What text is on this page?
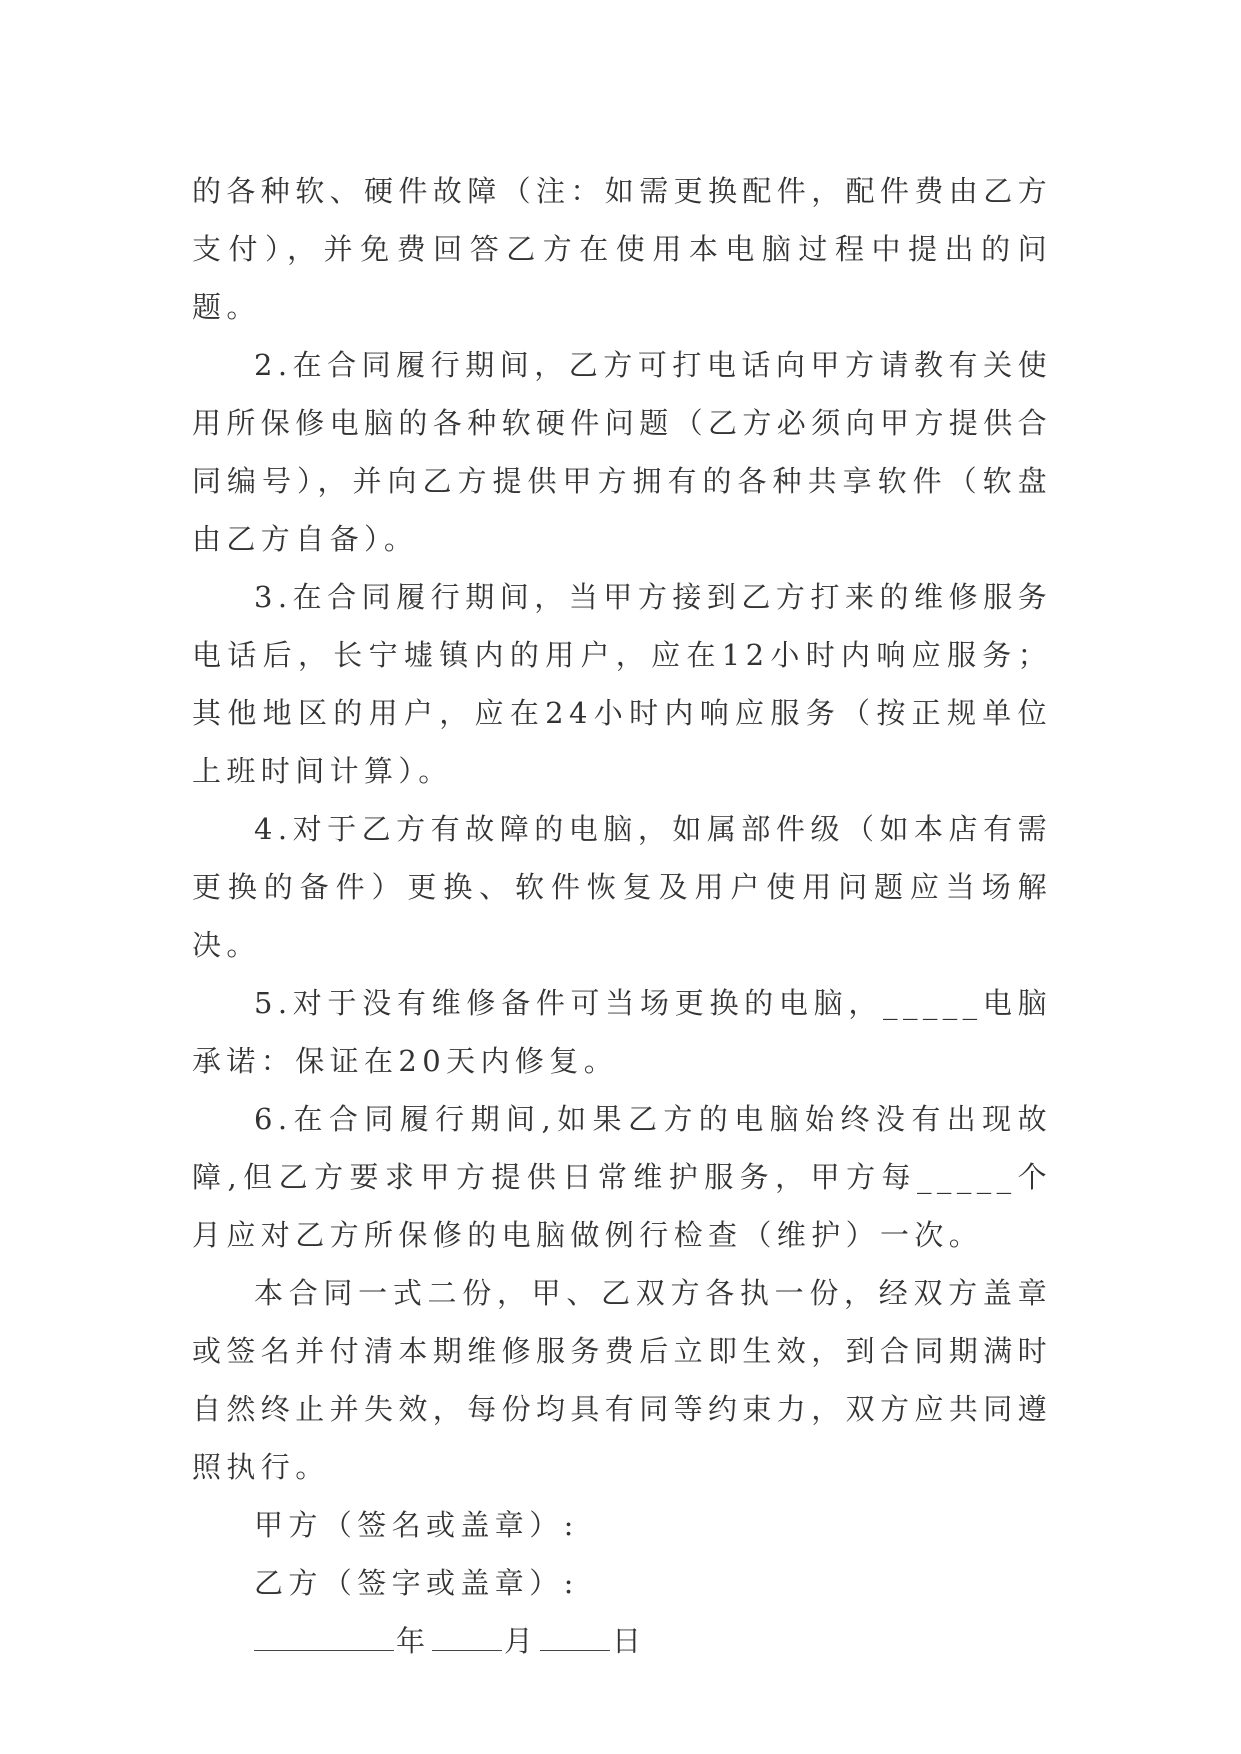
的各种软、硬件故障（注：如需更换配件，配件费由乙方支付），并免费回答乙方在使用本电脑过程中提出的问题。

2.在合同履行期间，乙方可打电话向甲方请教有关使用所保修电脑的各种软硬件问题（乙方必须向甲方提供合同编号），并向乙方提供甲方拥有的各种共享软件（软盘由乙方自备）。

3.在合同履行期间，当甲方接到乙方打来的维修服务电话后，长宁墟镇内的用户，应在12小时内响应服务；其他地区的用户，应在24小时内响应服务（按正规单位上班时间计算）。

4.对于乙方有故障的电脑，如属部件级（如本店有需更换的备件）更换、软件恢复及用户使用问题应当场解决。

5.对于没有维修备件可当场更换的电脑，_____电脑承诺：保证在20天内修复。

6.在合同履行期间,如果乙方的电脑始终没有出现故障,但乙方要求甲方提供日常维护服务，甲方每_____个月应对乙方所保修的电脑做例行检查（维护）一次。

本合同一式二份，甲、乙双方各执一份，经双方盖章或签名并付清本期维修服务费后立即生效，到合同期满时自然终止并失效，每份均具有同等约束力，双方应共同遵照执行。

甲方（签名或盖章）:

乙方（签字或盖章）:

年	月	日
